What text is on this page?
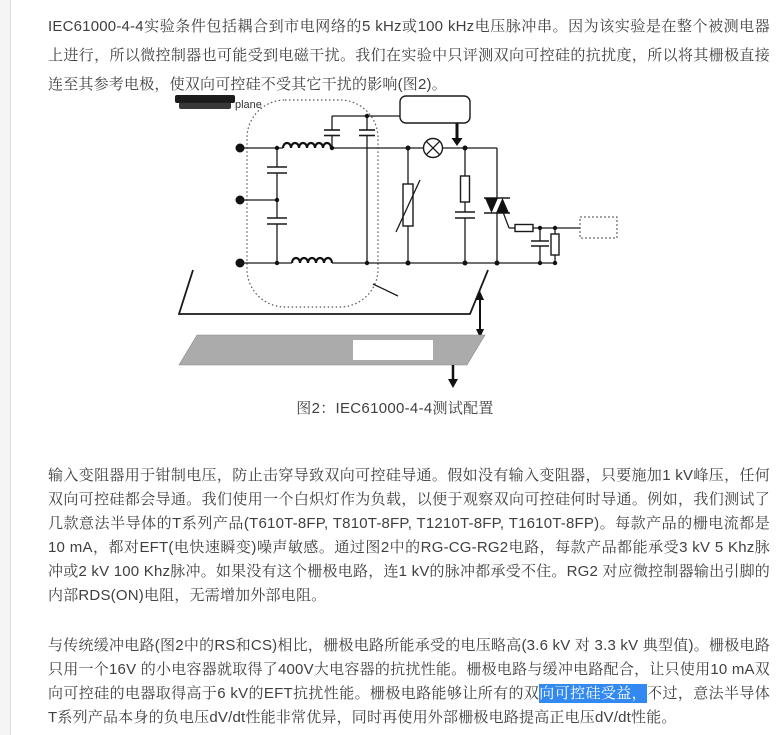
IEC61000-4-4实验条件包括耦合到市电网络的5 kHz或100 kHz电压脉冲串。因为该实验是在整个被测电器上进行，所以微控制器也可能受到电磁干扰。我们在实验中只评测双向可控硅的抗扰度，所以将其栅极直接连至其参考电极，使双向可控硅不受其它干扰的影响(图2)。

plane
图2：IEC61000-4-4测试配置

输入变阻器用于钳制电压，防止击穿导致双向可控硅导通。假如没有输入变阻器，只要施加1 kV峰压，任何双向可控硅都会导通。我们使用一个白炽灯作为负载，以便于观察双向可控硅何时导通。例如，我们测试了几款意法半导体的T系列产品(T610T-8FP, T810T-8FP, T1210T-8FP, T1610T-8FP)。每款产品的栅电流都是10 mA，都对EFT(电快速瞬变)噪声敏感。通过图2中的RG-CG-RG2电路，每款产品都能承受3 kV 5 Khz脉冲或2 kV 100 Khz脉冲。如果没有这个栅极电路，连1 kV的脉冲都承受不住。RG2 对应微控制器输出引脚的内部RDS(ON)电阻，无需增加外部电阻。

与传统缓冲电路(图2中的RS和CS)相比，栅极电路所能承受的电压略高(3.6 kV 对 3.3 kV 典型值)。栅极电路只用一个16V 的小电容器就取得了400V大电容器的抗扰性能。栅极电路与缓冲电路配合，让只使用10 mA双向可控硅的电器取得高于6 kV的EFT抗扰性能。栅极电路能够让所有的双向可控硅受益，不过，意法半导体T系列产品本身的负电压dV/dt性能非常优异，同时再使用外部栅极电路提高正电压dV/dt性能。
